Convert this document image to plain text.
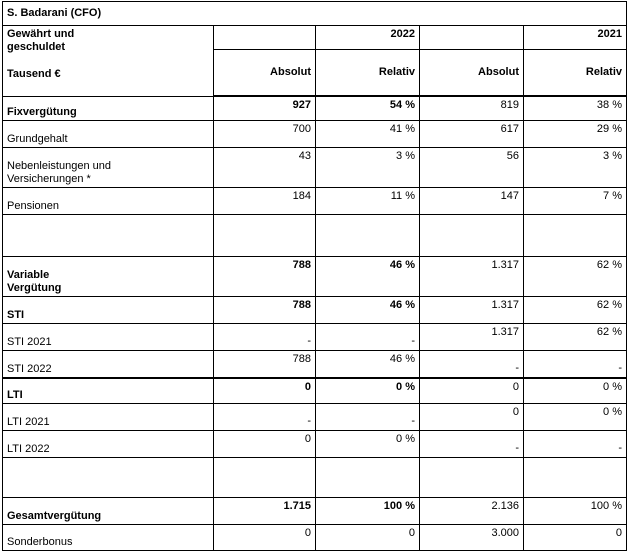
S. Badarani (CFO)				

Gewährt und
geschuldet
Tausend €		2022		2021
	Absolut	Relativ	Absolut	Relativ

Fixvergütung	927	54 %	819	38 %
Grundgehalt	700	41 %	617	29 %
Nebenleistungen und
Versicherungen *	43	3 %	56	3 %
Pensionen	184	11 %	147	7 %

Variable
Vergütung	788	46 %	1.317	62 %
STI	788	46 %	1.317	62 %
STI 2021	-	-	1.317	62 %
STI 2022	788	46 %	-	-
LTI	0	0 %	0	0 %
LTI 2021	-	-	0	0 %
LTI 2022	0	0 %	-	-

Gesamtvergütung	1.715	100 %	2.136	100 %
Sonderbonus	0	0	3.000	0
